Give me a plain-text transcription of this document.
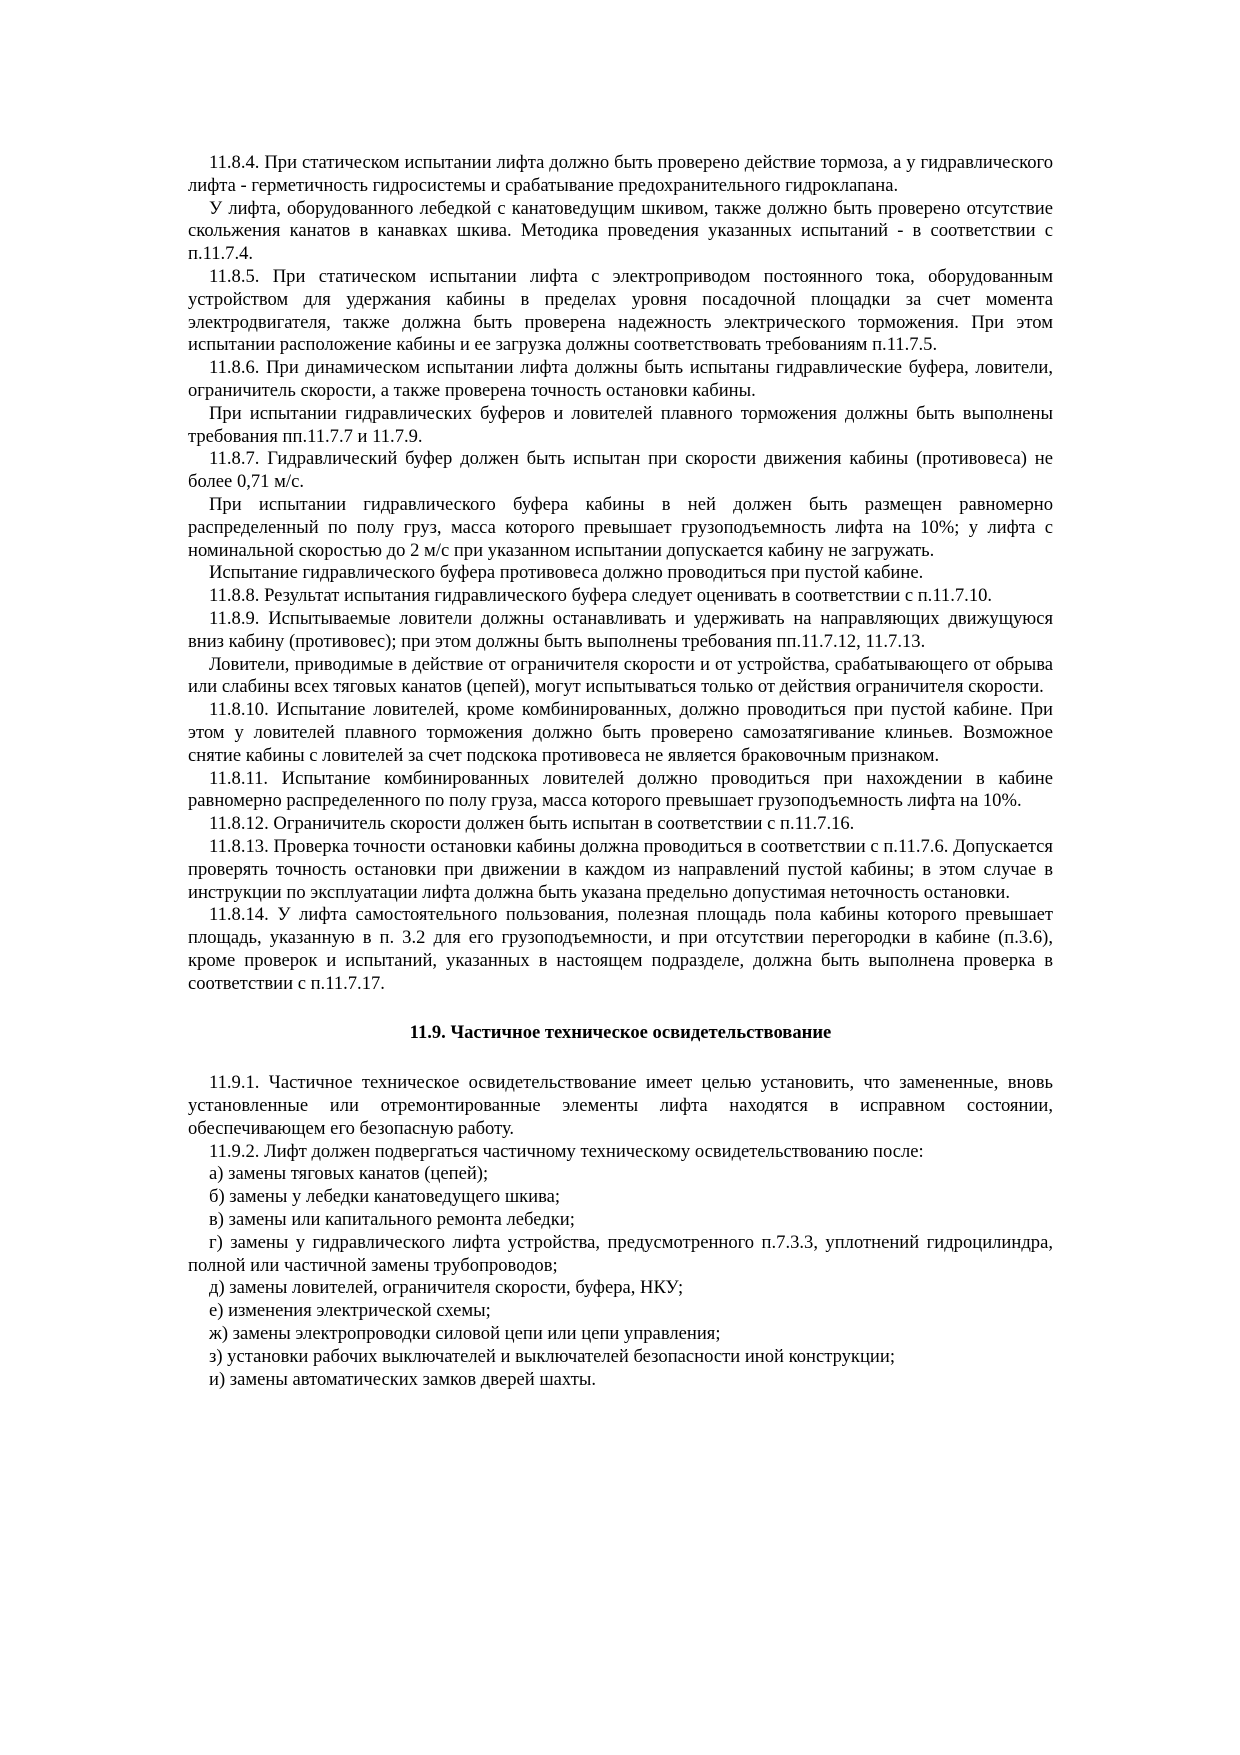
11.8.4. При статическом испытании лифта должно быть проверено действие тормоза, а у гидравлического лифта - герметичность гидросистемы и срабатывание предохранительного гидроклапана.

У лифта, оборудованного лебедкой с канатоведущим шкивом, также должно быть проверено отсутствие скольжения канатов в канавках шкива. Методика проведения указанных испытаний - в соответствии с п.11.7.4.

11.8.5. При статическом испытании лифта с электроприводом постоянного тока, оборудованным устройством для удержания кабины в пределах уровня посадочной площадки за счет момента электродвигателя, также должна быть проверена надежность электрического торможения. При этом испытании расположение кабины и ее загрузка должны соответствовать требованиям п.11.7.5.

11.8.6. При динамическом испытании лифта должны быть испытаны гидравлические буфера, ловители, ограничитель скорости, а также проверена точность остановки кабины.

При испытании гидравлических буферов и ловителей плавного торможения должны быть выполнены требования пп.11.7.7 и 11.7.9.

11.8.7. Гидравлический буфер должен быть испытан при скорости движения кабины (противовеса) не более 0,71 м/с.

При испытании гидравлического буфера кабины в ней должен быть размещен равномерно распределенный по полу груз, масса которого превышает грузоподъемность лифта на 10%; у лифта с номинальной скоростью до 2 м/с при указанном испытании допускается кабину не загружать.

Испытание гидравлического буфера противовеса должно проводиться при пустой кабине.

11.8.8. Результат испытания гидравлического буфера следует оценивать в соответствии с п.11.7.10.

11.8.9. Испытываемые ловители должны останавливать и удерживать на направляющих движущуюся вниз кабину (противовес); при этом должны быть выполнены требования пп.11.7.12, 11.7.13.

Ловители, приводимые в действие от ограничителя скорости и от устройства, срабатывающего от обрыва или слабины всех тяговых канатов (цепей), могут испытываться только от действия ограничителя скорости.

11.8.10. Испытание ловителей, кроме комбинированных, должно проводиться при пустой кабине. При этом у ловителей плавного торможения должно быть проверено самозатягивание клиньев. Возможное снятие кабины с ловителей за счет подскока противовеса не является браковочным признаком.

11.8.11. Испытание комбинированных ловителей должно проводиться при нахождении в кабине равномерно распределенного по полу груза, масса которого превышает грузоподъемность лифта на 10%.

11.8.12. Ограничитель скорости должен быть испытан в соответствии с п.11.7.16.

11.8.13. Проверка точности остановки кабины должна проводиться в соответствии с п.11.7.6. Допускается проверять точность остановки при движении в каждом из направлений пустой кабины; в этом случае в инструкции по эксплуатации лифта должна быть указана предельно допустимая неточность остановки.

11.8.14. У лифта самостоятельного пользования, полезная площадь пола кабины которого превышает площадь, указанную в п. 3.2 для его грузоподъемности, и при отсутствии перегородки в кабине (п.3.6), кроме проверок и испытаний, указанных в настоящем подразделе, должна быть выполнена проверка в соответствии с п.11.7.17.

11.9. Частичное техническое освидетельствование

11.9.1. Частичное техническое освидетельствование имеет целью установить, что замененные, вновь установленные или отремонтированные элементы лифта находятся в исправном состоянии, обеспечивающем его безопасную работу.

11.9.2. Лифт должен подвергаться частичному техническому освидетельствованию после:

а) замены тяговых канатов (цепей);

б) замены у лебедки канатоведущего шкива;

в) замены или капитального ремонта лебедки;

г) замены у гидравлического лифта устройства, предусмотренного п.7.3.3, уплотнений гидроцилиндра, полной или частичной замены трубопроводов;

д) замены ловителей, ограничителя скорости, буфера, НКУ;

е) изменения электрической схемы;

ж) замены электропроводки силовой цепи или цепи управления;

з) установки рабочих выключателей и выключателей безопасности иной конструкции;

и) замены автоматических замков дверей шахты.
